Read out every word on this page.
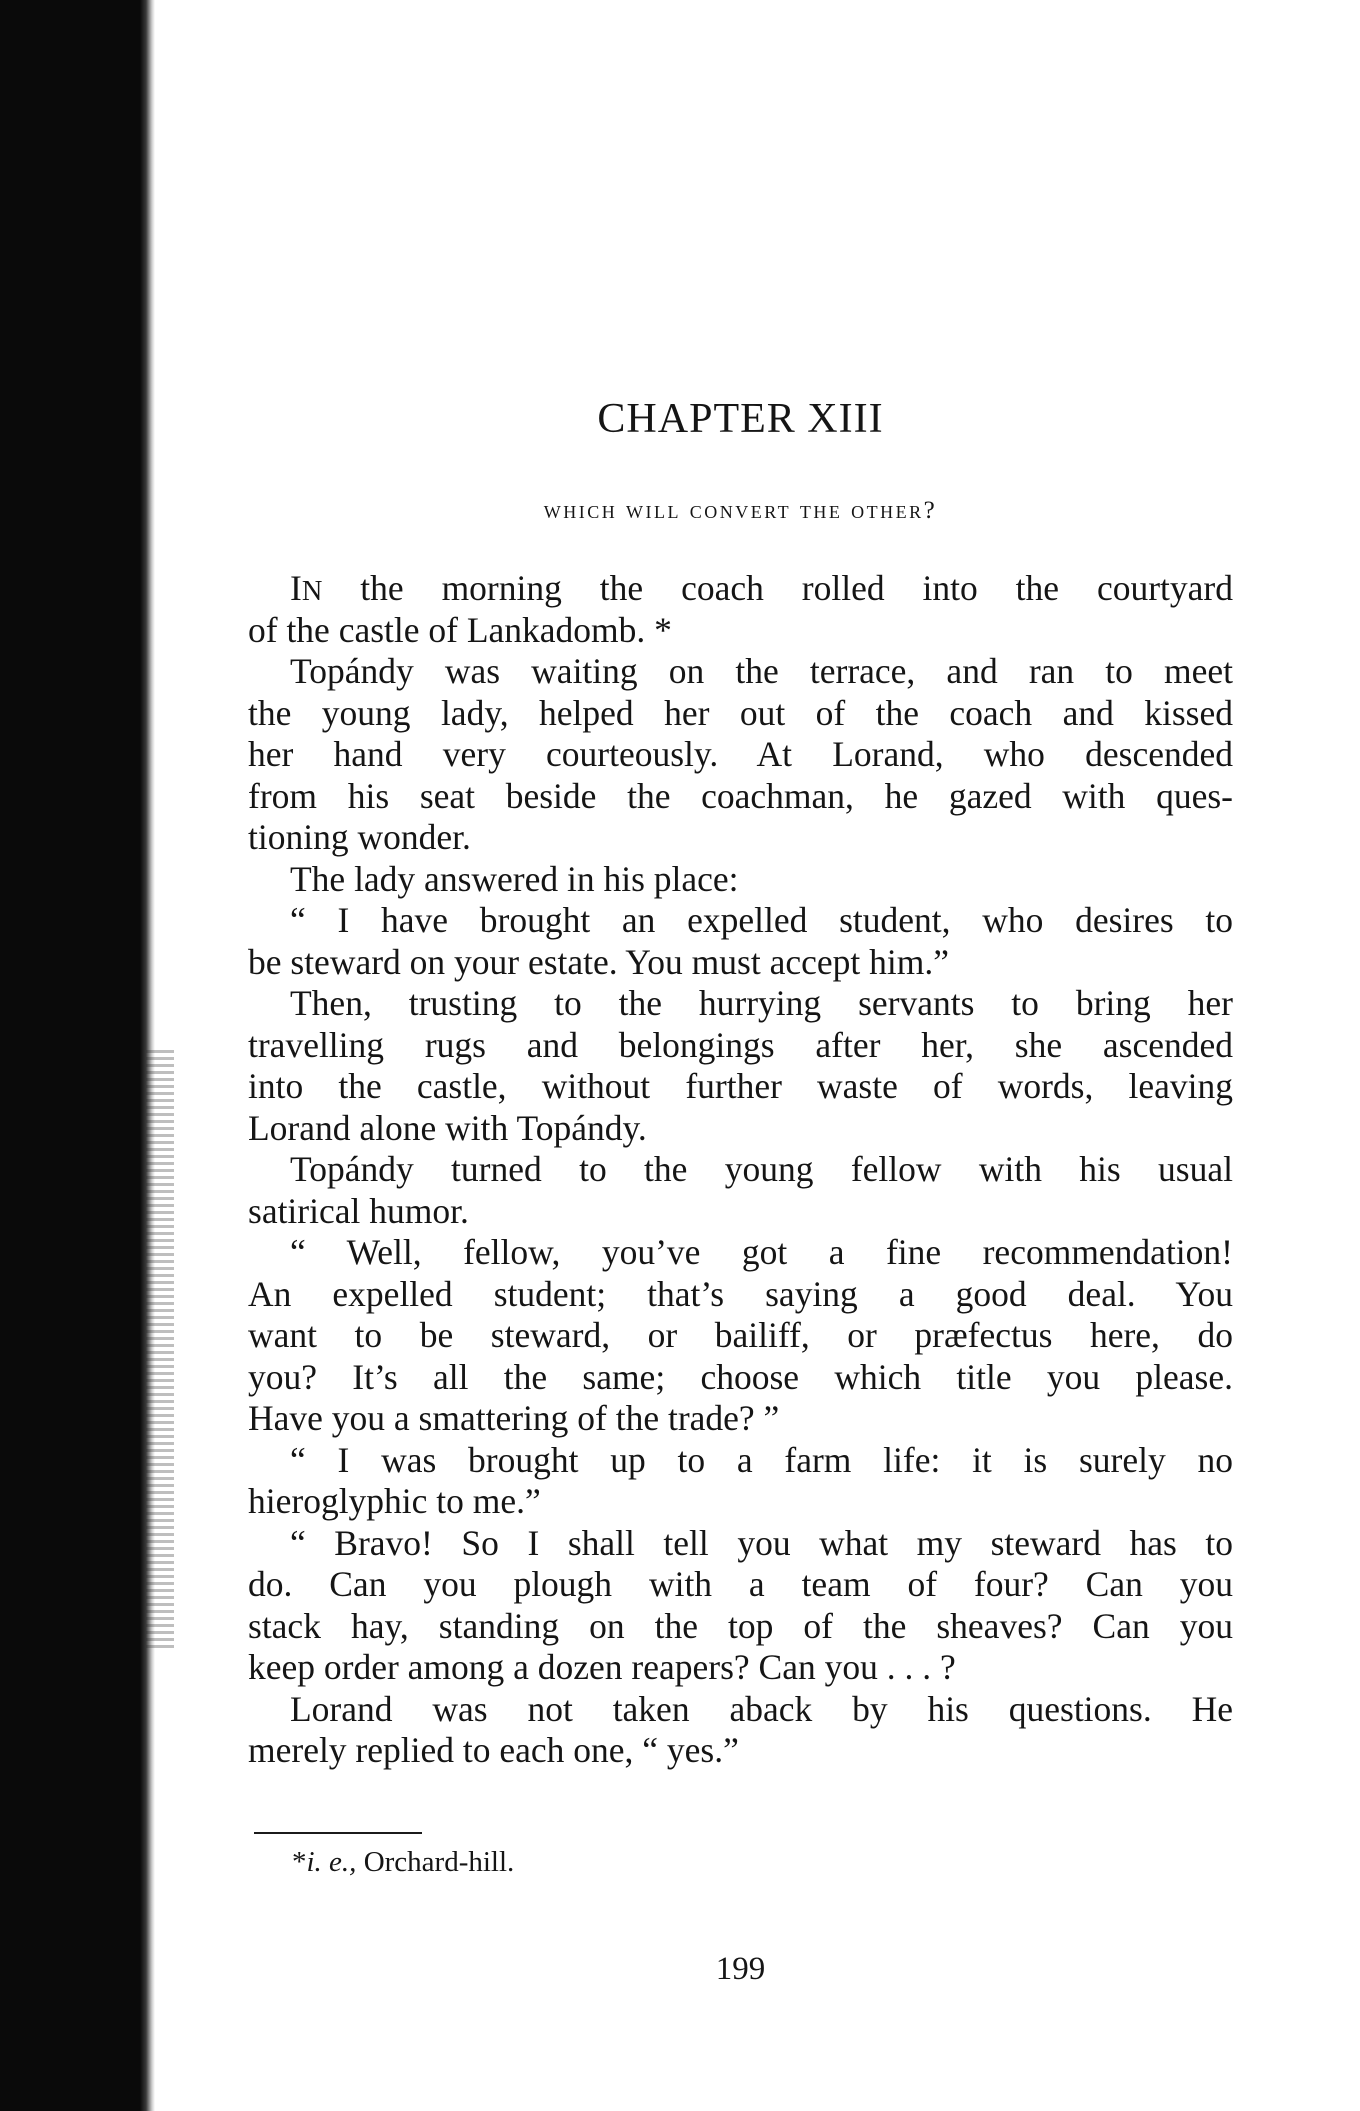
CHAPTER XIII
which will convert the other?
IN the morning the coach rolled into the courtyard
of the castle of Lankadomb. *
Topándy was waiting on the terrace, and ran to meet
the young lady, helped her out of the coach and kissed
her hand very courteously. At Lorand, who descended
from his seat beside the coachman, he gazed with ques-
tioning wonder.
The lady answered in his place:
“ I have brought an expelled student, who desires to
be steward on your estate. You must accept him.”
Then, trusting to the hurrying servants to bring her
travelling rugs and belongings after her, she ascended
into the castle, without further waste of words, leaving
Lorand alone with Topándy.
Topándy turned to the young fellow with his usual
satirical humor.
“ Well, fellow, you’ve got a fine recommendation!
An expelled student; that’s saying a good deal. You
want to be steward, or bailiff, or præfectus here, do
you? It’s all the same; choose which title you please.
Have you a smattering of the trade? ”
“ I was brought up to a farm life: it is surely no
hieroglyphic to me.”
“ Bravo! So I shall tell you what my steward has to
do. Can you plough with a team of four? Can you
stack hay, standing on the top of the sheaves? Can you
keep order among a dozen reapers? Can you . . . ?
Lorand was not taken aback by his questions. He
merely replied to each one, “ yes.”
*i. e., Orchard-hill.
199
